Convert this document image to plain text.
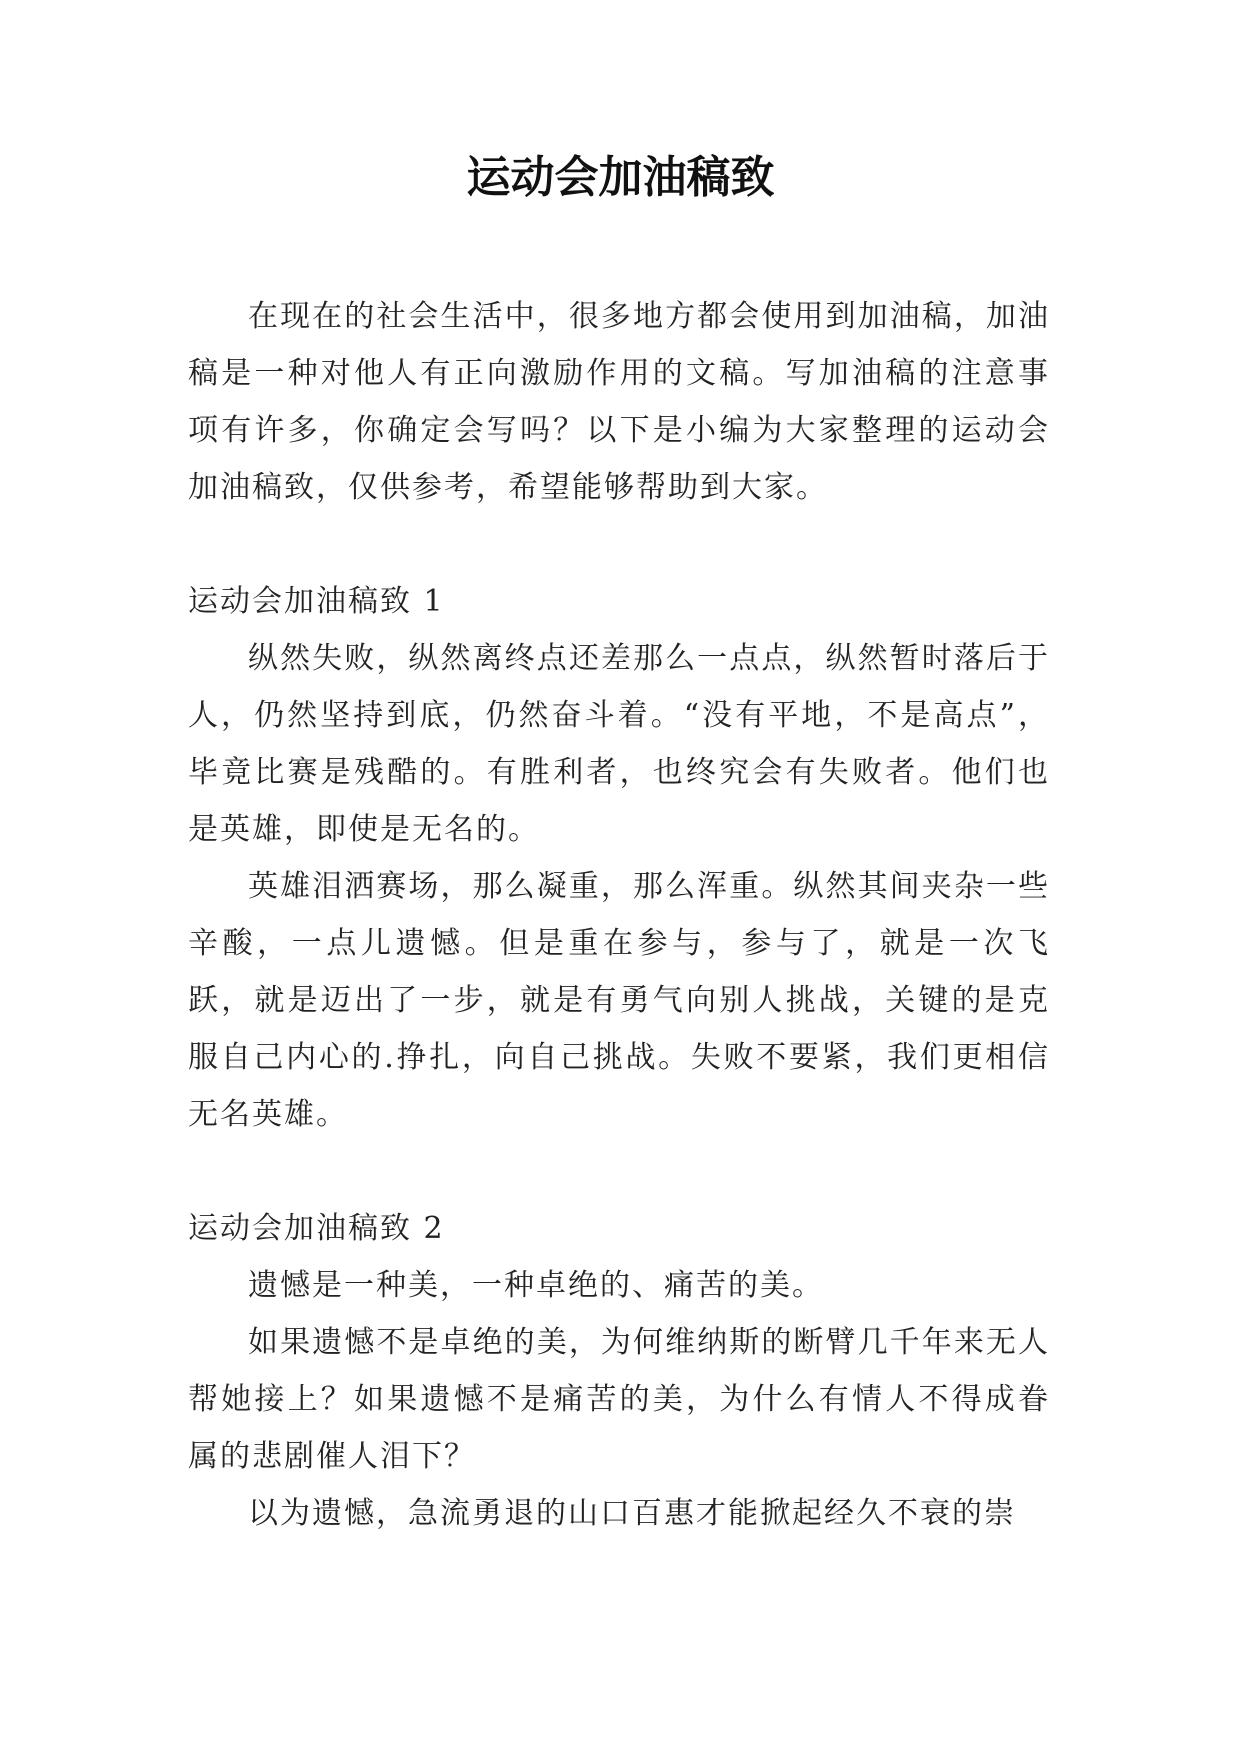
运动会加油稿致

在现在的社会生活中，很多地方都会使用到加油稿，加油稿是一种对他人有正向激励作用的文稿。写加油稿的注意事项有许多，你确定会写吗？以下是小编为大家整理的运动会加油稿致，仅供参考，希望能够帮助到大家。

运动会加油稿致 1

纵然失败，纵然离终点还差那么一点点，纵然暂时落后于人，仍然坚持到底，仍然奋斗着。“没有平地，不是高点”，毕竟比赛是残酷的。有胜利者，也终究会有失败者。他们也是英雄，即使是无名的。

英雄泪洒赛场，那么凝重，那么浑重。纵然其间夹杂一些辛酸，一点儿遗憾。但是重在参与，参与了，就是一次飞跃，就是迈出了一步，就是有勇气向别人挑战，关键的是克服自己内心的.挣扎，向自己挑战。失败不要紧，我们更相信无名英雄。

运动会加油稿致 2

遗憾是一种美，一种卓绝的、痛苦的美。

如果遗憾不是卓绝的美，为何维纳斯的断臂几千年来无人帮她接上？如果遗憾不是痛苦的美，为什么有情人不得成眷属的悲剧催人泪下？

以为遗憾，急流勇退的山口百惠才能掀起经久不衰的崇
